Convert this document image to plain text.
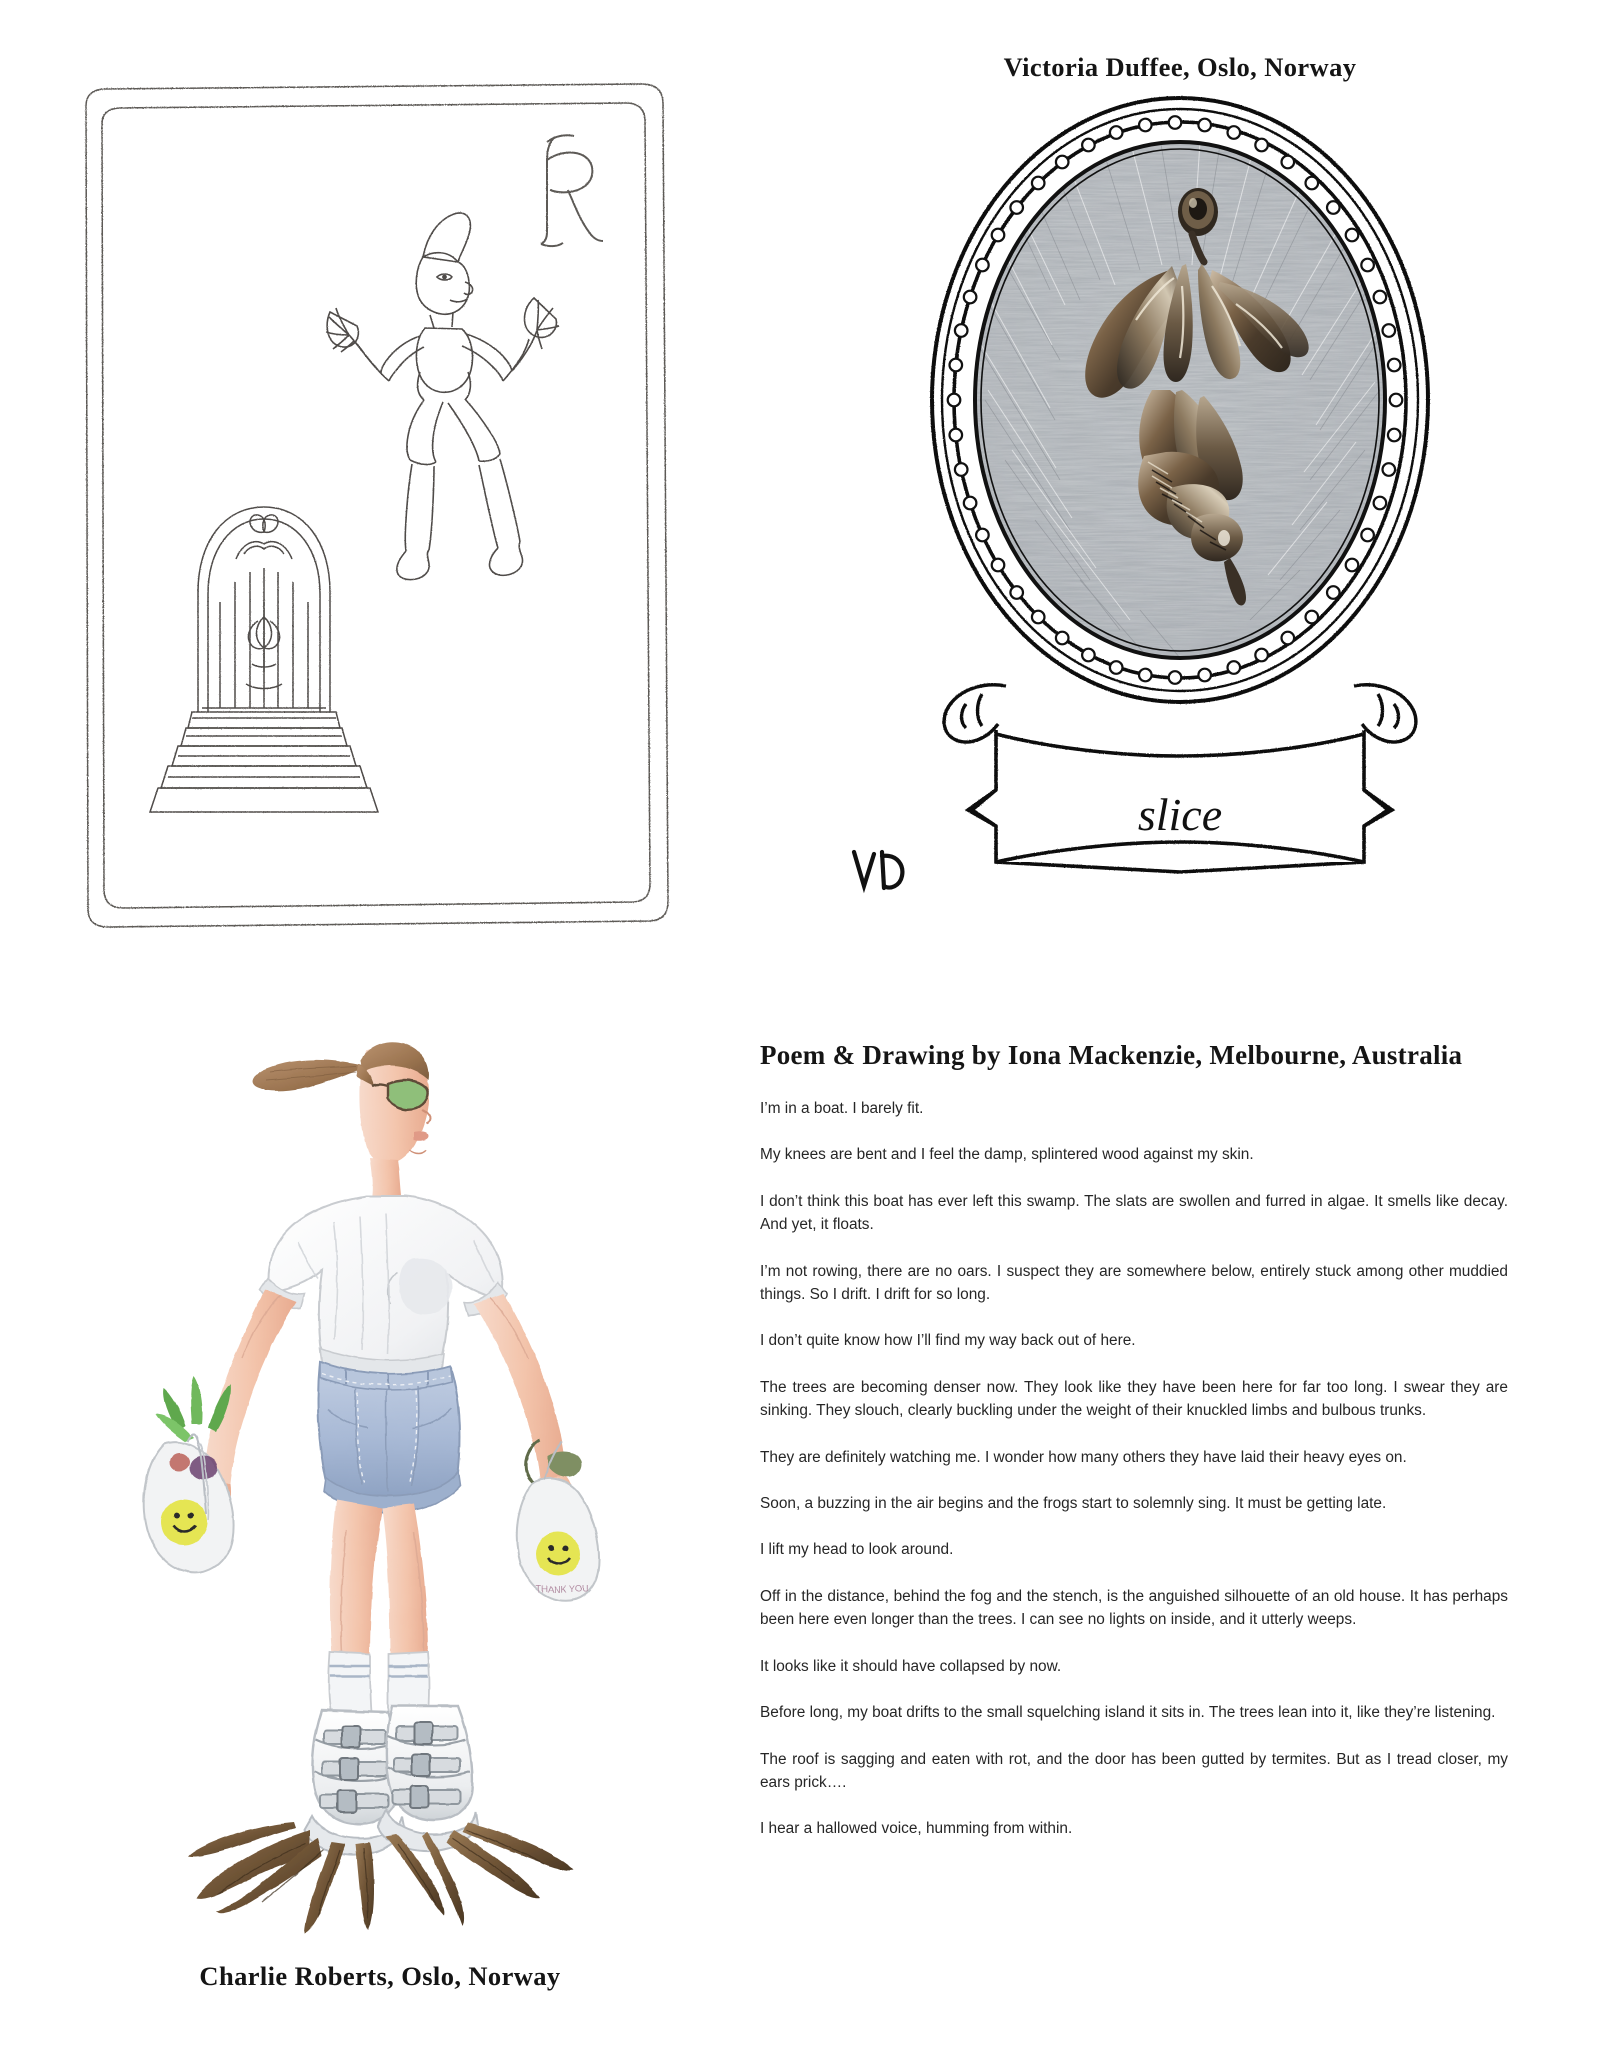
Victoria Duffee, Oslo, Norway
slice
THANK YOU
Charlie Roberts, Oslo, Norway
Poem & Drawing by Iona Mackenzie, Melbourne, Australia

I’m in a boat. I barely fit.

My knees are bent and I feel the damp, splintered wood against my skin.

I don’t think this boat has ever left this swamp. The slats are swollen and furred in algae. It smells like decay. And yet, it floats.

I’m not rowing, there are no oars. I suspect they are somewhere below, entirely stuck among other muddied things. So I drift. I drift for so long.

I don’t quite know how I’ll find my way back out of here.

The trees are becoming denser now. They look like they have been here for far too long. I swear they are sinking. They slouch, clearly buckling under the weight of their knuckled limbs and bulbous trunks.

They are definitely watching me. I wonder how many others they have laid their heavy eyes on.

Soon, a buzzing in the air begins and the frogs start to solemnly sing. It must be getting late.

I lift my head to look around.

Off in the distance, behind the fog and the stench, is the anguished silhouette of an old house. It has perhaps been here even longer than the trees. I can see no lights on inside, and it utterly weeps.

It looks like it should have collapsed by now.

Before long, my boat drifts to the small squelching island it sits in. The trees lean into it, like they’re listening.

The roof is sagging and eaten with rot, and the door has been gutted by termites. But as I tread closer, my ears prick….

I hear a hallowed voice, humming from within.
